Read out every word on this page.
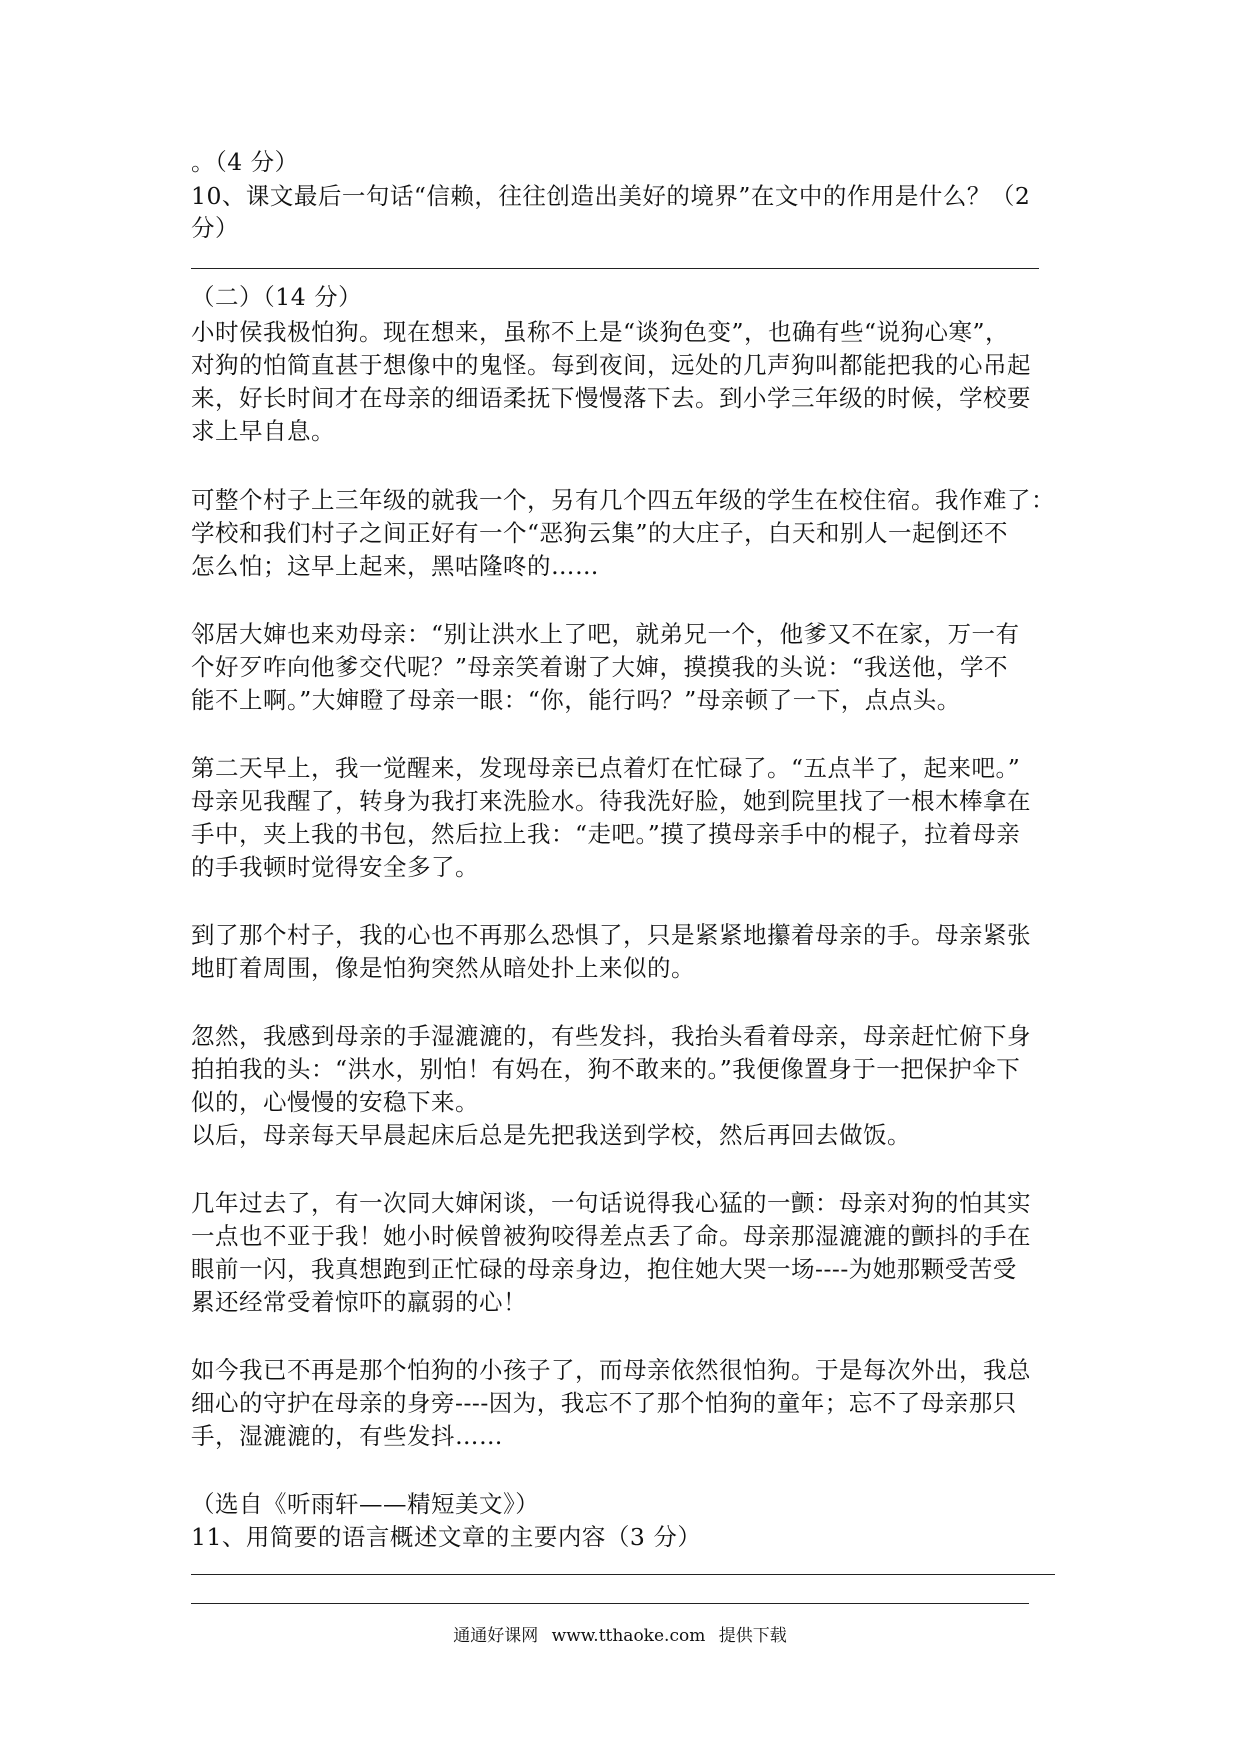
。（4 分）
10、课文最后一句话“信赖，往往创造出美好的境界”在文中的作用是什么？（2
分）
（二）（14 分）
小时侯我极怕狗。现在想来，虽称不上是“谈狗色变”，也确有些“说狗心寒”，
对狗的怕简直甚于想像中的鬼怪。每到夜间，远处的几声狗叫都能把我的心吊起
来，好长时间才在母亲的细语柔抚下慢慢落下去。到小学三年级的时候，学校要
求上早自息。
可整个村子上三年级的就我一个，另有几个四五年级的学生在校住宿。我作难了：
学校和我们村子之间正好有一个“恶狗云集”的大庄子，白天和别人一起倒还不
怎么怕；这早上起来，黑咕隆咚的……
邻居大婶也来劝母亲：“别让洪水上了吧，就弟兄一个，他爹又不在家，万一有
个好歹咋向他爹交代呢？”母亲笑着谢了大婶，摸摸我的头说：“我送他，学不
能不上啊。”大婶瞪了母亲一眼：“你，能行吗？”母亲顿了一下，点点头。
第二天早上，我一觉醒来，发现母亲已点着灯在忙碌了。“五点半了，起来吧。”
母亲见我醒了，转身为我打来洗脸水。待我洗好脸，她到院里找了一根木棒拿在
手中，夹上我的书包，然后拉上我：“走吧。”摸了摸母亲手中的棍子，拉着母亲
的手我顿时觉得安全多了。
到了那个村子，我的心也不再那么恐惧了，只是紧紧地攥着母亲的手。母亲紧张
地盯着周围，像是怕狗突然从暗处扑上来似的。
忽然，我感到母亲的手湿漉漉的，有些发抖，我抬头看着母亲，母亲赶忙俯下身
拍拍我的头：“洪水，别怕！有妈在，狗不敢来的。”我便像置身于一把保护伞下
似的，心慢慢的安稳下来。
以后，母亲每天早晨起床后总是先把我送到学校，然后再回去做饭。
几年过去了，有一次同大婶闲谈，一句话说得我心猛的一颤：母亲对狗的怕其实
一点也不亚于我！她小时候曾被狗咬得差点丢了命。母亲那湿漉漉的颤抖的手在
眼前一闪，我真想跑到正忙碌的母亲身边，抱住她大哭一场----为她那颗受苦受
累还经常受着惊吓的羸弱的心！
如今我已不再是那个怕狗的小孩子了，而母亲依然很怕狗。于是每次外出，我总
细心的守护在母亲的身旁----因为，我忘不了那个怕狗的童年；忘不了母亲那只
手，湿漉漉的，有些发抖……
（选自《听雨轩——精短美文》）
11、用简要的语言概述文章的主要内容（3 分）
通通好课网 www.tthaoke.com 提供下载
